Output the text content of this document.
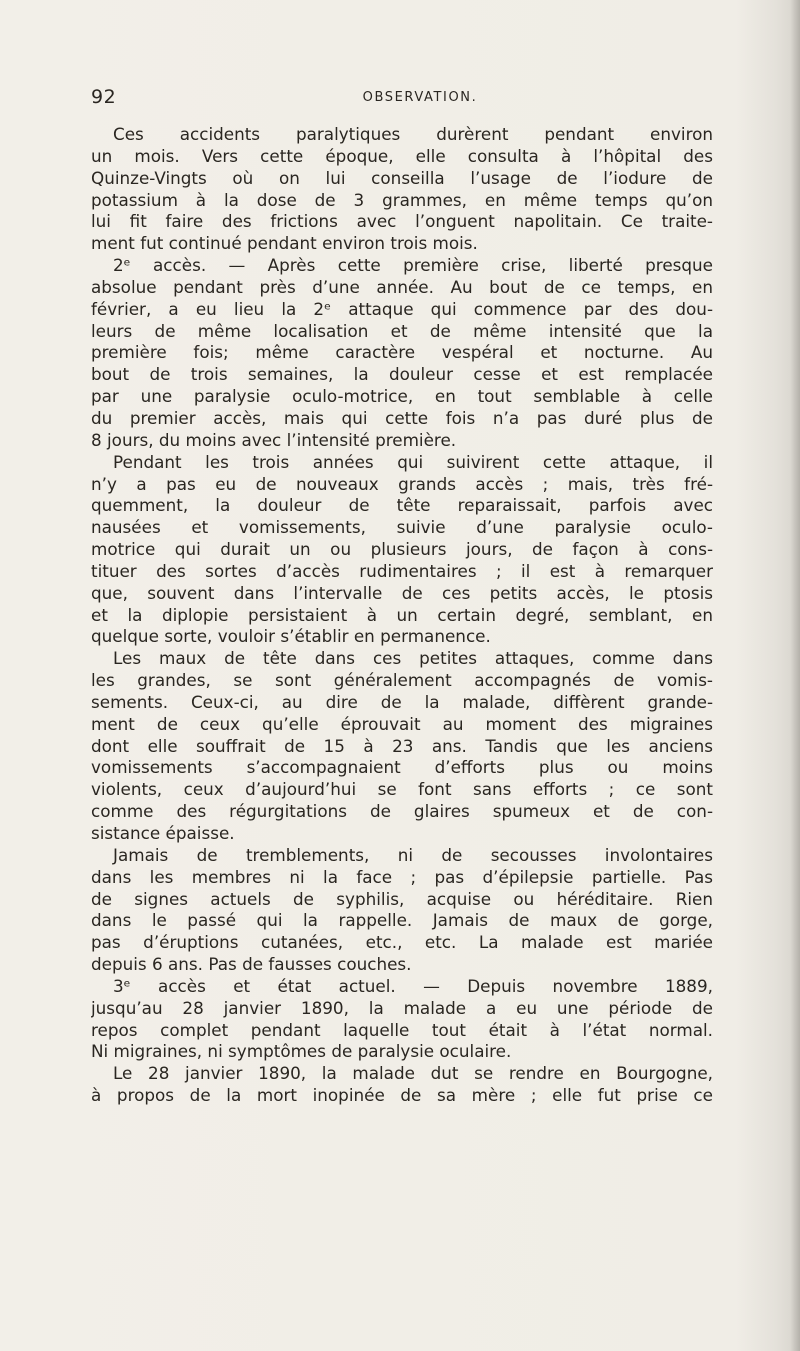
92	OBSERVATION.
Ces accidents paralytiques durèrent pendant environ
un mois. Vers cette époque, elle consulta à l’hôpital des
Quinze-Vingts où on lui conseilla l’usage de l’iodure de
potassium à la dose de 3 grammes, en même temps qu’on
lui fit faire des frictions avec l’onguent napolitain. Ce traite-
ment fut continué pendant environ trois mois.
2ᵉ accès. — Après cette première crise, liberté presque
absolue pendant près d’une année. Au bout de ce temps, en
février, a eu lieu la 2ᵉ attaque qui commence par des dou-
leurs de même localisation et de même intensité que la
première fois; même caractère vespéral et nocturne. Au
bout de trois semaines, la douleur cesse et est remplacée
par une paralysie oculo-motrice, en tout semblable à celle
du premier accès, mais qui cette fois n’a pas duré plus de
8 jours, du moins avec l’intensité première.
Pendant les trois années qui suivirent cette attaque, il
n’y a pas eu de nouveaux grands accès ; mais, très fré-
quemment, la douleur de tête reparaissait, parfois avec
nausées et vomissements, suivie d’une paralysie oculo-
motrice qui durait un ou plusieurs jours, de façon à cons-
tituer des sortes d’accès rudimentaires ; il est à remarquer
que, souvent dans l’intervalle de ces petits accès, le ptosis
et la diplopie persistaient à un certain degré, semblant, en
quelque sorte, vouloir s’établir en permanence.
Les maux de tête dans ces petites attaques, comme dans
les grandes, se sont généralement accompagnés de vomis-
sements. Ceux-ci, au dire de la malade, diffèrent grande-
ment de ceux qu’elle éprouvait au moment des migraines
dont elle souffrait de 15 à 23 ans. Tandis que les anciens
vomissements s’accompagnaient d’efforts plus ou moins
violents, ceux d’aujourd’hui se font sans efforts ; ce sont
comme des régurgitations de glaires spumeux et de con-
sistance épaisse.
Jamais de tremblements, ni de secousses involontaires
dans les membres ni la face ; pas d’épilepsie partielle. Pas
de signes actuels de syphilis, acquise ou héréditaire. Rien
dans le passé qui la rappelle. Jamais de maux de gorge,
pas d’éruptions cutanées, etc., etc. La malade est mariée
depuis 6 ans. Pas de fausses couches.
3ᵉ accès et état actuel. — Depuis novembre 1889,
jusqu’au 28 janvier 1890, la malade a eu une période de
repos complet pendant laquelle tout était à l’état normal.
Ni migraines, ni symptômes de paralysie oculaire.
Le 28 janvier 1890, la malade dut se rendre en Bourgogne,
à propos de la mort inopinée de sa mère ; elle fut prise ce
